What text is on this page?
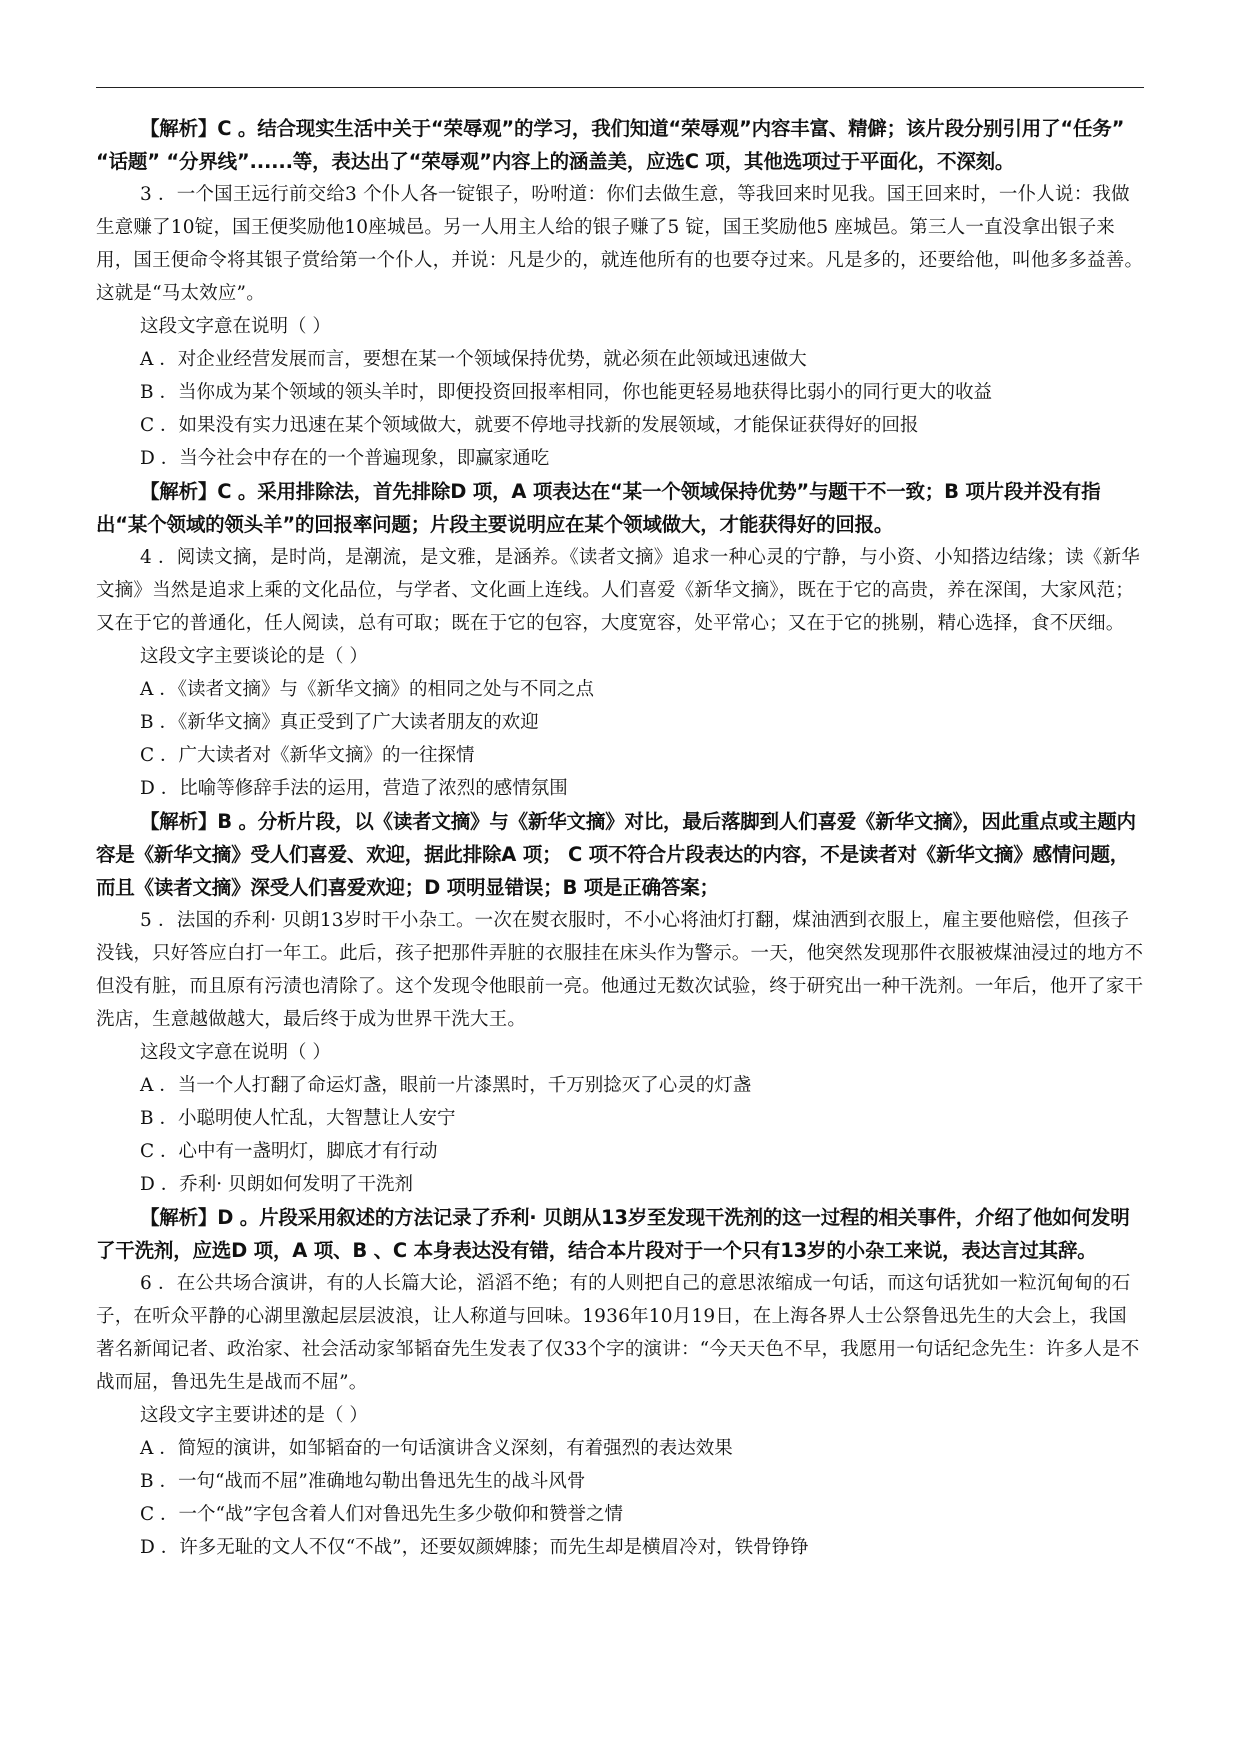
【解析】C 。结合现实生活中关于“荣辱观”的学习，我们知道“荣辱观”内容丰富、精僻；该片段分别引用了“任务” “话题” “分界线”......等，表达出了“荣辱观”内容上的涵盖美，应选C 项，其他选项过于平面化，不深刻。

3 ．一个国王远行前交给3 个仆人各一锭银子，吩咐道：你们去做生意，等我回来时见我。国王回来时，一仆人说：我做生意赚了10锭，国王便奖励他10座城邑。另一人用主人给的银子赚了5 锭，国王奖励他5 座城邑。第三人一直没拿出银子来用，国王便命令将其银子赏给第一个仆人，并说：凡是少的，就连他所有的也要夺过来。凡是多的，还要给他，叫他多多益善。这就是“马太效应”。

这段文字意在说明（ ）

A ．对企业经营发展而言，要想在某一个领域保持优势，就必须在此领域迅速做大

B ．当你成为某个领域的领头羊时，即便投资回报率相同，你也能更轻易地获得比弱小的同行更大的收益

C ．如果没有实力迅速在某个领域做大，就要不停地寻找新的发展领域，才能保证获得好的回报

D ．当今社会中存在的一个普遍现象，即赢家通吃

【解析】C 。采用排除法，首先排除D 项，A 项表达在“某一个领域保持优势”与题干不一致；B 项片段并没有指出“某个领域的领头羊”的回报率问题；片段主要说明应在某个领域做大，才能获得好的回报。

4 ．阅读文摘，是时尚，是潮流，是文雅，是涵养。《读者文摘》追求一种心灵的宁静，与小资、小知搭边结缘；读《新华文摘》当然是追求上乘的文化品位，与学者、文化画上连线。人们喜爱《新华文摘》，既在于它的高贵，养在深闺，大家风范；又在于它的普通化，任人阅读，总有可取；既在于它的包容，大度宽容，处平常心；又在于它的挑剔，精心选择，食不厌细。

这段文字主要谈论的是（ ）

A ．《读者文摘》与《新华文摘》的相同之处与不同之点

B ．《新华文摘》真正受到了广大读者朋友的欢迎

C ．广大读者对《新华文摘》的一往探情

D ．比喻等修辞手法的运用，营造了浓烈的感情氛围

【解析】B 。分析片段，以《读者文摘》与《新华文摘》对比，最后落脚到人们喜爱《新华文摘》，因此重点或主题内容是《新华文摘》受人们喜爱、欢迎，据此排除A 项； C 项不符合片段表达的内容，不是读者对《新华文摘》感情问题，而且《读者文摘》深受人们喜爱欢迎；D 项明显错误；B 项是正确答案；

5 ．法国的乔利· 贝朗13岁时干小杂工。一次在熨衣服时，不小心将油灯打翻，煤油洒到衣服上，雇主要他赔偿，但孩子没钱，只好答应白打一年工。此后，孩子把那件弄脏的衣服挂在床头作为警示。一天，他突然发现那件衣服被煤油浸过的地方不但没有脏，而且原有污渍也清除了。这个发现令他眼前一亮。他通过无数次试验，终于研究出一种干洗剂。一年后，他开了家干洗店，生意越做越大，最后终于成为世界干洗大王。

这段文字意在说明（ ）

A ．当一个人打翻了命运灯盏，眼前一片漆黑时，千万别捻灭了心灵的灯盏

B ．小聪明使人忙乱，大智慧让人安宁

C ．心中有一盏明灯，脚底才有行动

D ．乔利· 贝朗如何发明了干洗剂

【解析】D 。片段采用叙述的方法记录了乔利· 贝朗从13岁至发现干洗剂的这一过程的相关事件，介绍了他如何发明了干洗剂，应选D 项，A 项、B 、C 本身表达没有错，结合本片段对于一个只有13岁的小杂工来说，表达言过其辞。

6 ．在公共场合演讲，有的人长篇大论，滔滔不绝；有的人则把自己的意思浓缩成一句话，而这句话犹如一粒沉甸甸的石子，在听众平静的心湖里激起层层波浪，让人称道与回味。1936年10月19日，在上海各界人士公祭鲁迅先生的大会上，我国著名新闻记者、政治家、社会活动家邹韬奋先生发表了仅33个字的演讲：“今天天色不早，我愿用一句话纪念先生：许多人是不战而屈，鲁迅先生是战而不屈”。

这段文字主要讲述的是（ ）

A ．简短的演讲，如邹韬奋的一句话演讲含义深刻，有着强烈的表达效果

B ．一句“战而不屈”准确地勾勒出鲁迅先生的战斗风骨

C ．一个“战”字包含着人们对鲁迅先生多少敬仰和赞誉之情

D ．许多无耻的文人不仅“不战”，还要奴颜婢膝；而先生却是横眉冷对，铁骨铮铮
